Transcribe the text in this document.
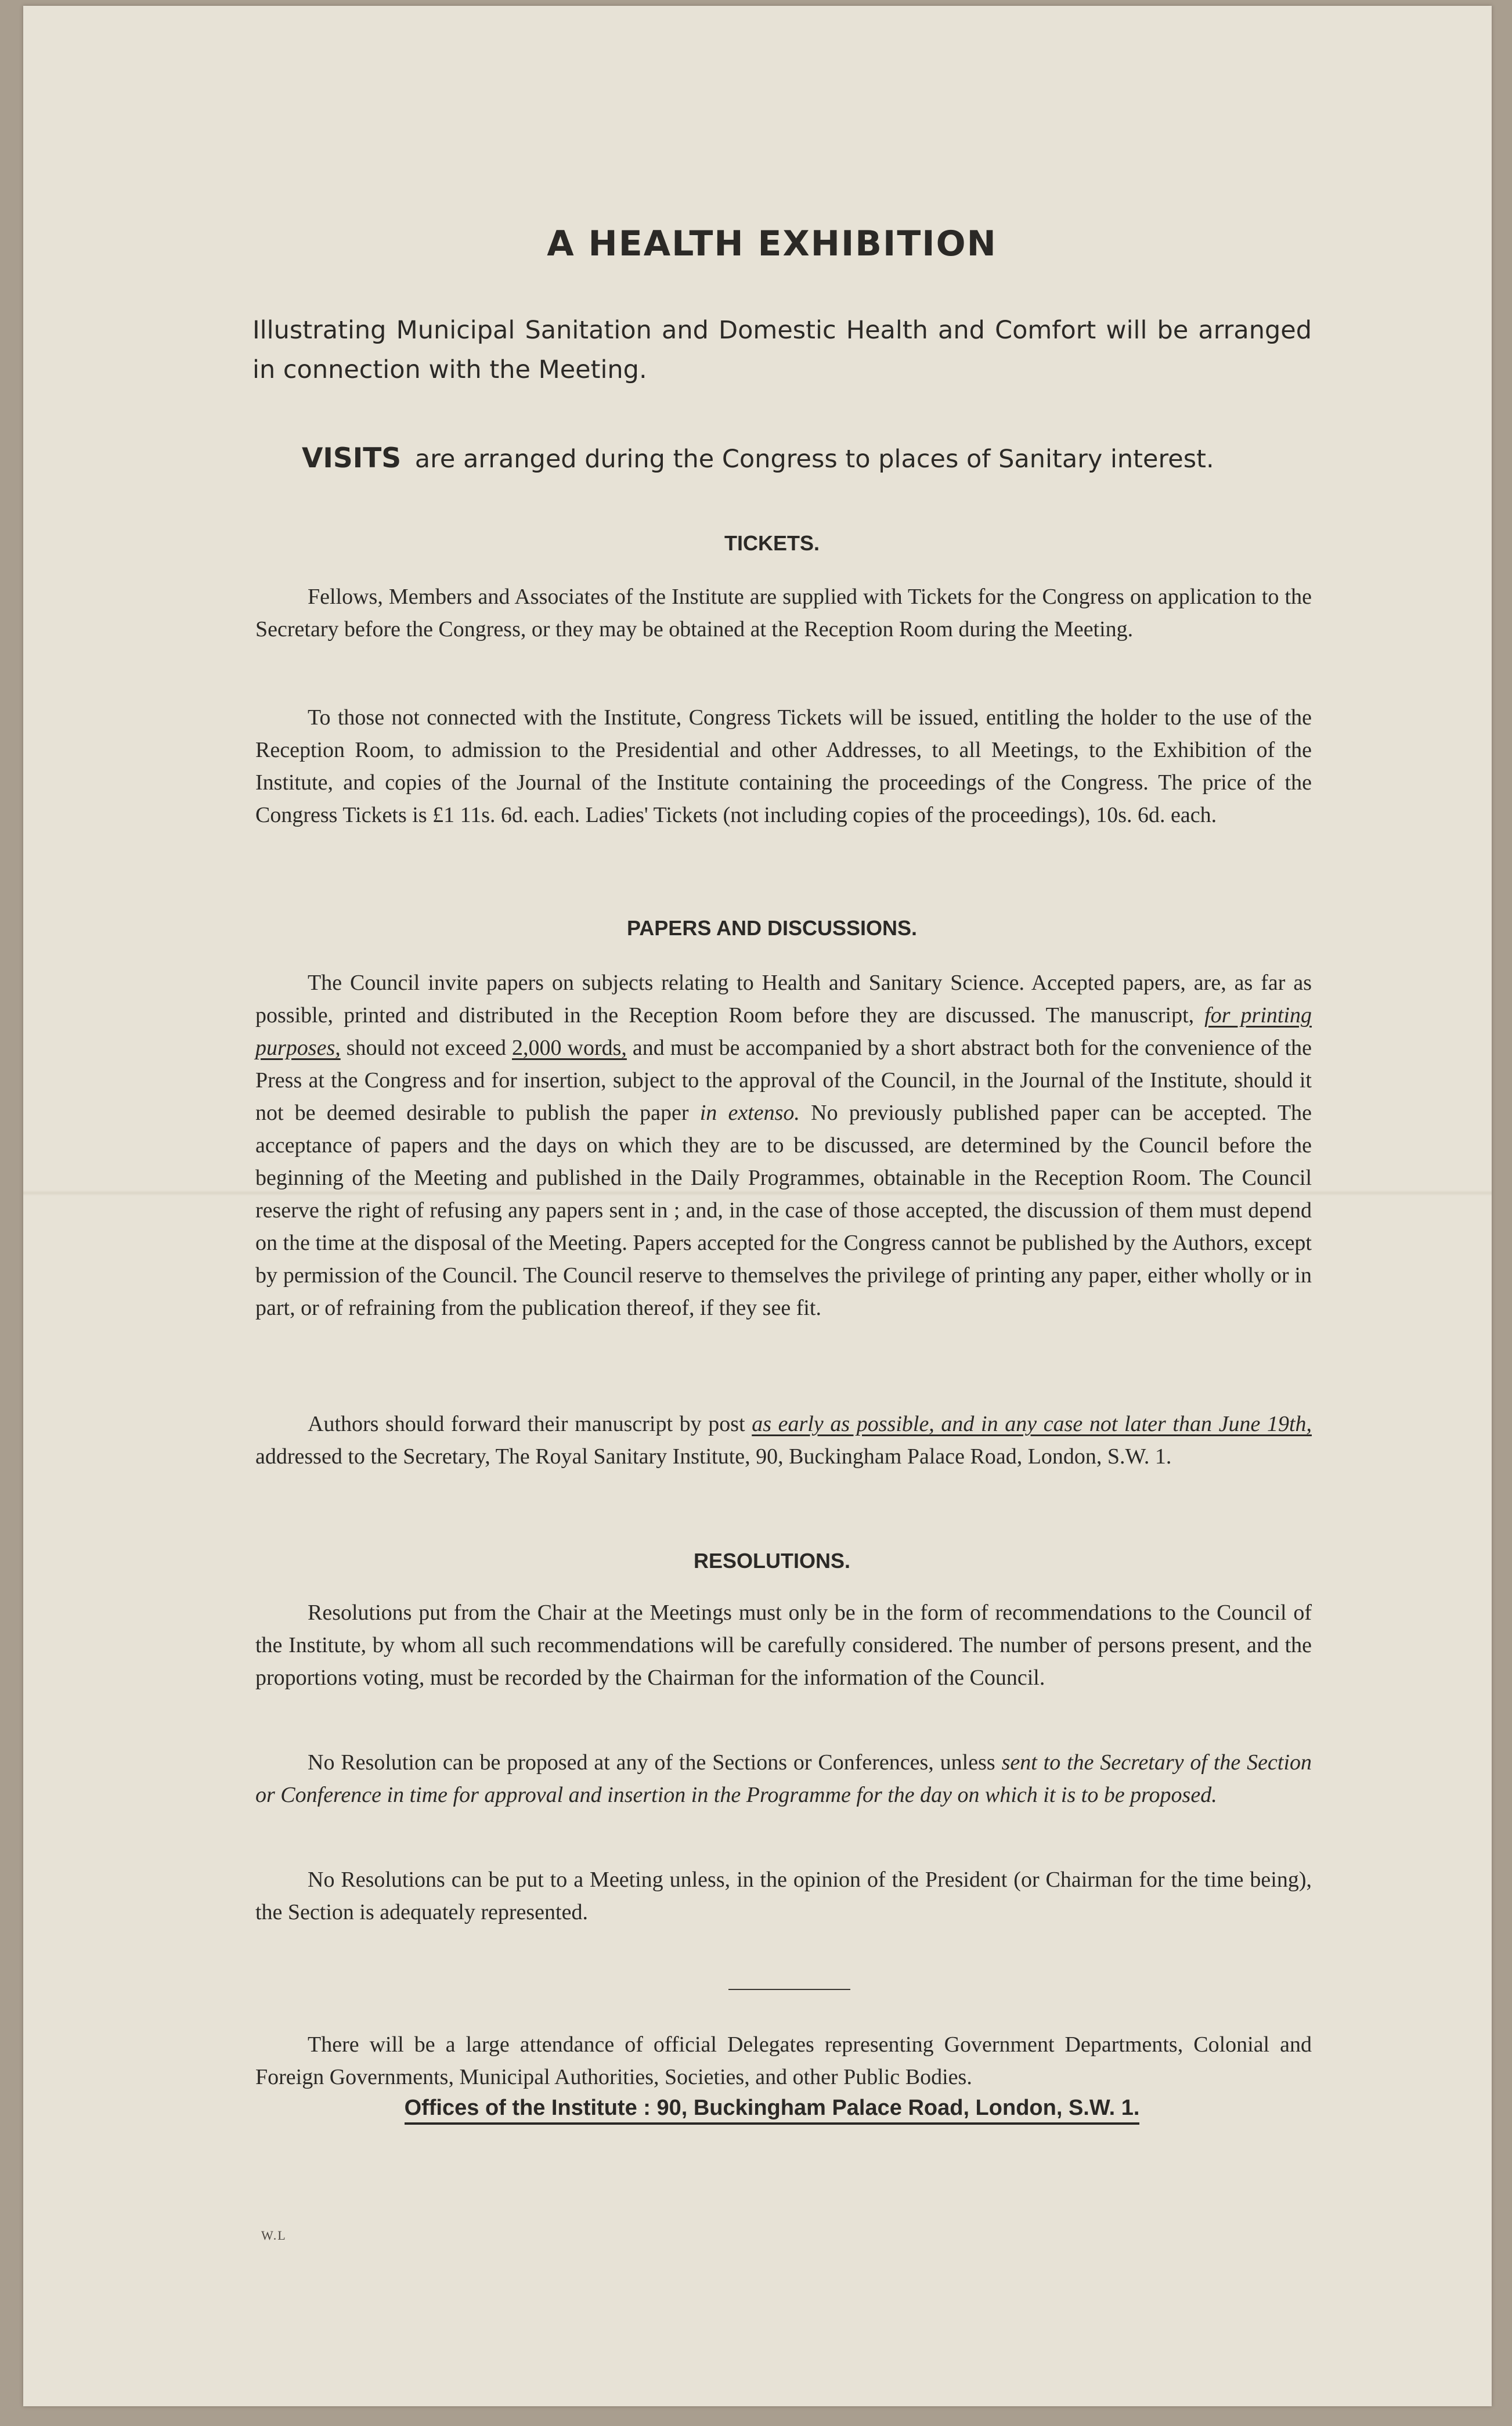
A HEALTH EXHIBITION

Illustrating Municipal Sanitation and Domestic Health and Comfort will be arranged in connection with the Meeting.

VISITS are arranged during the Congress to places of Sanitary interest.

TICKETS.

Fellows, Members and Associates of the Institute are supplied with Tickets for the Congress on application to the Secretary before the Congress, or they may be obtained at the Reception Room during the Meeting.

To those not connected with the Institute, Congress Tickets will be issued, entitling the holder to the use of the Reception Room, to admission to the Presidential and other Addresses, to all Meetings, to the Exhibition of the Institute, and copies of the Journal of the Institute containing the proceedings of the Congress. The price of the Congress Tickets is £1 11s. 6d. each. Ladies' Tickets (not including copies of the proceedings), 10s. 6d. each.

PAPERS AND DISCUSSIONS.

The Council invite papers on subjects relating to Health and Sanitary Science. Accepted papers, are, as far as possible, printed and distributed in the Reception Room before they are discussed. The manuscript, for printing purposes, should not exceed 2,000 words, and must be accompanied by a short abstract both for the convenience of the Press at the Congress and for insertion, subject to the approval of the Council, in the Journal of the Institute, should it not be deemed desirable to publish the paper in extenso. No previously published paper can be accepted. The acceptance of papers and the days on which they are to be discussed, are determined by the Council before the beginning of the Meeting and published in the Daily Programmes, obtainable in the Reception Room. The Council reserve the right of refusing any papers sent in ; and, in the case of those accepted, the discussion of them must depend on the time at the disposal of the Meeting. Papers accepted for the Congress cannot be published by the Authors, except by permission of the Council. The Council reserve to themselves the privilege of printing any paper, either wholly or in part, or of refraining from the publication thereof, if they see fit.

Authors should forward their manuscript by post as early as possible, and in any case not later than June 19th, addressed to the Secretary, The Royal Sanitary Institute, 90, Buckingham Palace Road, London, S.W. 1.

RESOLUTIONS.

Resolutions put from the Chair at the Meetings must only be in the form of recommendations to the Council of the Institute, by whom all such recommendations will be carefully considered. The number of persons present, and the proportions voting, must be recorded by the Chairman for the information of the Council.

No Resolution can be proposed at any of the Sections or Conferences, unless sent to the Secretary of the Section or Conference in time for approval and insertion in the Programme for the day on which it is to be proposed.

No Resolutions can be put to a Meeting unless, in the opinion of the President (or Chairman for the time being), the Section is adequately represented.

There will be a large attendance of official Delegates representing Government Departments, Colonial and Foreign Governments, Municipal Authorities, Societies, and other Public Bodies.

Offices of the Institute : 90, Buckingham Palace Road, London, S.W. 1.

W.L
